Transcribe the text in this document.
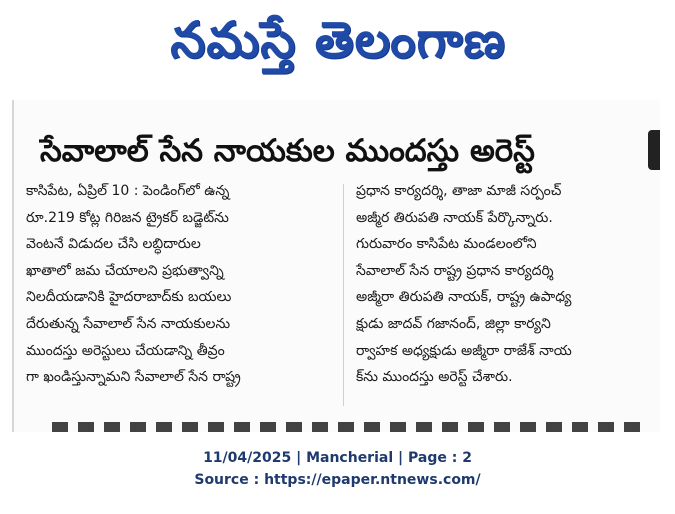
నమస్తే తెలంగాణ
సేవాలాల్ సేన నాయకుల ముందస్తు అరెస్ట్
కాసిపేట, ఏప్రిల్ 10 : పెండింగ్‌లో ఉన్న
రూ.219 కోట్ల గిరిజన ట్రైకర్ బడ్జెట్‌ను
వెంటనే విడుదల చేసి లబ్ధిదారుల
ఖాతాలో జమ చేయాలని ప్రభుత్వాన్ని
నిలదీయడానికి హైదరాబాద్‌కు బయలు
దేరుతున్న సేవాలాల్ సేన నాయకులను
ముందస్తు అరెస్టులు చేయడాన్ని తీవ్రం
గా ఖండిస్తున్నామని సేవాలాల్ సేన రాష్ట్ర
ప్రధాన కార్యదర్శి, తాజా మాజీ సర్పంచ్
అజ్మీర తిరుపతి నాయక్ పేర్కొన్నారు.
గురువారం కాసిపేట మండలంలోని
సేవాలాల్ సేన రాష్ట్ర ప్రధాన కార్యదర్శి
అజ్మీరా తిరుపతి నాయక్, రాష్ట్ర ఉపాధ్య
క్షుడు జాదవ్ గజానంద్, జిల్లా కార్యని
ర్వాహక అధ్యక్షుడు అజ్మీరా రాజేశ్ నాయ
క్‌ను ముందస్తు అరెస్ట్ చేశారు.
11/04/2025 | Mancherial | Page : 2
Source : https://epaper.ntnews.com/
